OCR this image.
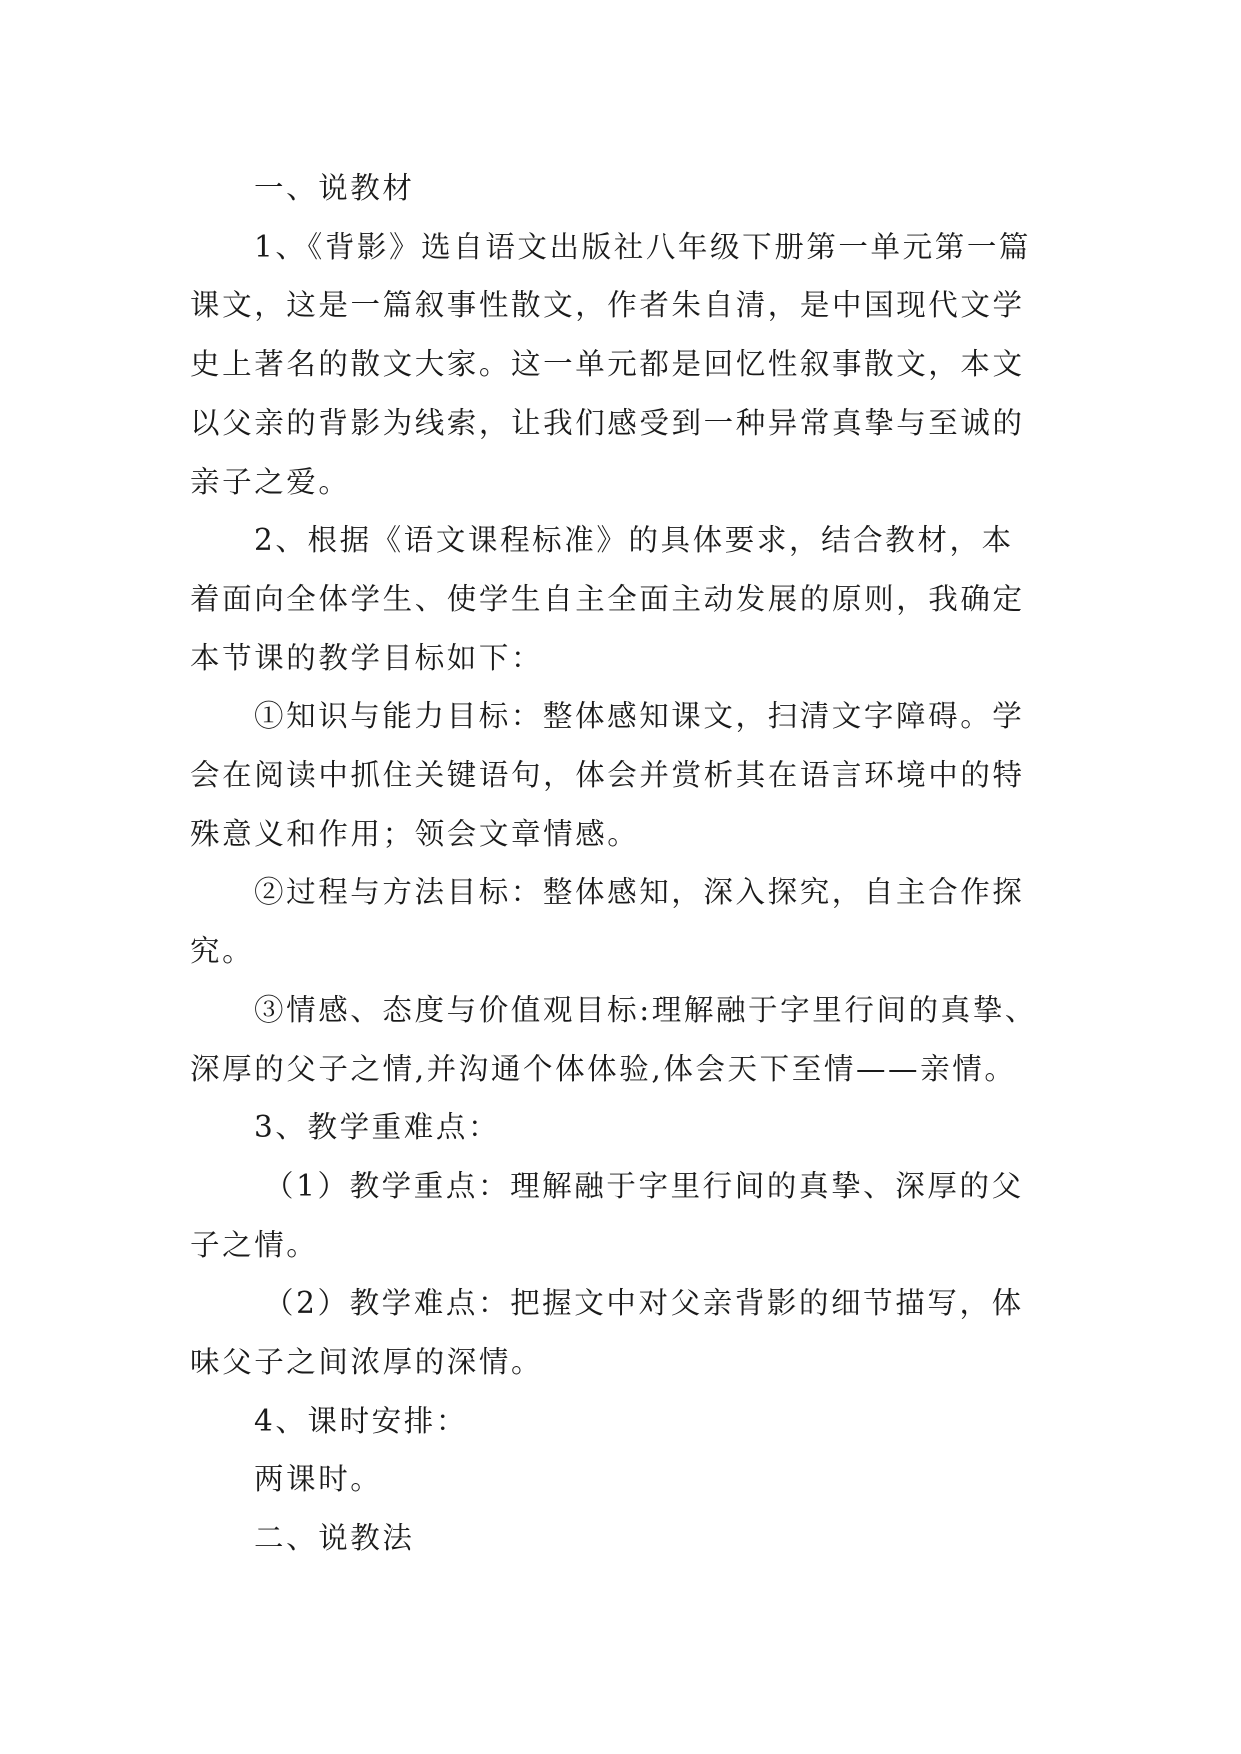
一、说教材
1、《背影》选自语文出版社八年级下册第一单元第一篇
课文，这是一篇叙事性散文，作者朱自清，是中国现代文学
史上著名的散文大家。这一单元都是回忆性叙事散文，本文
以父亲的背影为线索，让我们感受到一种异常真挚与至诚的
亲子之爱。
2、根据《语文课程标准》的具体要求，结合教材，本
着面向全体学生、使学生自主全面主动发展的原则，我确定
本节课的教学目标如下：
①知识与能力目标：整体感知课文，扫清文字障碍。学
会在阅读中抓住关键语句，体会并赏析其在语言环境中的特
殊意义和作用；领会文章情感。
②过程与方法目标：整体感知，深入探究，自主合作探
究。
③情感、态度与价值观目标:理解融于字里行间的真挚、
深厚的父子之情,并沟通个体体验,体会天下至情——亲情。
3、教学重难点：
（1）教学重点：理解融于字里行间的真挚、深厚的父
子之情。
（2）教学难点：把握文中对父亲背影的细节描写，体
味父子之间浓厚的深情。
4、课时安排：
两课时。
二、说教法
